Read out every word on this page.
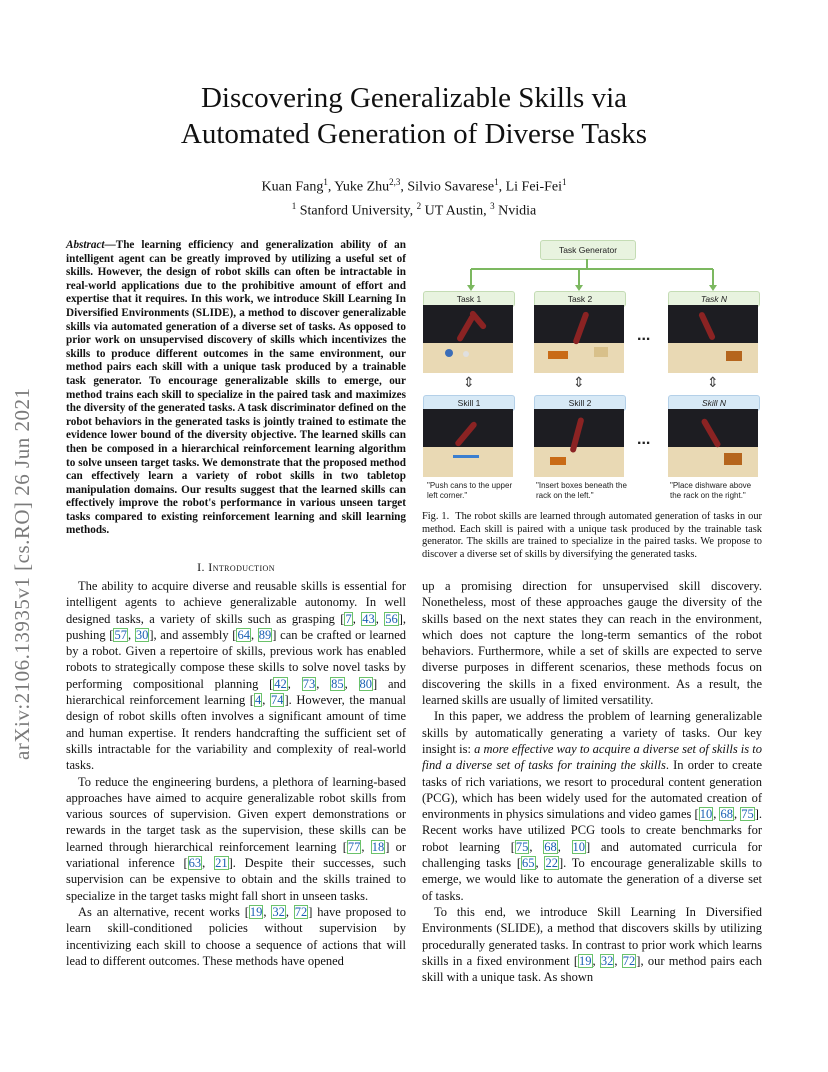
arXiv:2106.13935v1 [cs.RO] 26 Jun 2021
Discovering Generalizable Skills via
Automated Generation of Diverse Tasks
Kuan Fang$^1$, Yuke Zhu$^{2,3}$, Silvio Savarese$^1$, Li Fei-Fei$^1$
$^1$ Stanford University, $^2$ UT Austin, $^3$ Nvidia
Abstract—The learning efficiency and generalization ability of an intelligent agent can be greatly improved by utilizing a useful set of skills. However, the design of robot skills can often be intractable in real-world applications due to the prohibitive amount of effort and expertise that it requires. In this work, we introduce Skill Learning In Diversified Environments (SLIDE), a method to discover generalizable skills via automated generation of a diverse set of tasks. As opposed to prior work on unsupervised discovery of skills which incentivizes the skills to produce different outcomes in the same environment, our method pairs each skill with a unique task produced by a trainable task generator. To encourage generalizable skills to emerge, our method trains each skill to specialize in the paired task and maximizes the diversity of the generated tasks. A task discriminator defined on the robot behaviors in the generated tasks is jointly trained to estimate the evidence lower bound of the diversity objective. The learned skills can then be composed in a hierarchical reinforcement learning algorithm to solve unseen target tasks. We demonstrate that the proposed method can effectively learn a variety of robot skills in two tabletop manipulation domains. Our results suggest that the learned skills can effectively improve the robot's performance in various unseen target tasks compared to existing reinforcement learning and skill learning methods.
I. Introduction

The ability to acquire diverse and reusable skills is essential for intelligent agents to achieve generalizable autonomy. In well designed tasks, a variety of skills such as grasping [7, 43, 56], pushing [57, 30], and assembly [64, 89] can be crafted or learned by a robot. Given a repertoire of skills, previous work has enabled robots to strategically compose these skills to solve novel tasks by performing compositional planning [42, 73, 85, 80] and hierarchical reinforcement learning [4, 74]. However, the manual design of robot skills often involves a significant amount of time and human expertise. It renders handcrafting the sufficient set of skills intractable for the variability and complexity of real-world tasks.

To reduce the engineering burdens, a plethora of learning-based approaches have aimed to acquire generalizable robot skills from various sources of supervision. Given expert demonstrations or rewards in the target task as the supervision, these skills can be learned through hierarchical reinforcement learning [77, 18] or variational inference [63, 21]. Despite their successes, such supervision can be expensive to obtain and the skills trained to specialize in the target tasks might fall short in unseen tasks.

As an alternative, recent works [19, 32, 72] have proposed to learn skill-conditioned policies without supervision by incentivizing each skill to choose a sequence of actions that will lead to different outcomes. These methods have opened

Task Generator
Task 1	Task 2	Task N
...
⇕	⇕	⇕
Skill 1	Skill 2	Skill N
...
"Push cans to the upper left corner."
"Insert boxes beneath the rack on the left."
"Place dishware above the rack on the right."
Fig. 1. The robot skills are learned through automated generation of tasks in our method. Each skill is paired with a unique task produced by the trainable task generator. The skills are trained to specialize in the paired tasks. We propose to discover a diverse set of skills by diversifying the generated tasks.

up a promising direction for unsupervised skill discovery. Nonetheless, most of these approaches gauge the diversity of the skills based on the next states they can reach in the environment, which does not capture the long-term semantics of the robot behaviors. Furthermore, while a set of skills are expected to serve diverse purposes in different scenarios, these methods focus on discovering the skills in a fixed environment. As a result, the learned skills are usually of limited versatility.

In this paper, we address the problem of learning generalizable skills by automatically generating a variety of tasks. Our key insight is: a more effective way to acquire a diverse set of skills is to find a diverse set of tasks for training the skills. In order to create tasks of rich variations, we resort to procedural content generation (PCG), which has been widely used for the automated creation of environments in physics simulations and video games [10, 68, 75]. Recent works have utilized PCG tools to create benchmarks for robot learning [75, 68, 10] and automated curricula for challenging tasks [65, 22]. To encourage generalizable skills to emerge, we would like to automate the generation of a diverse set of tasks.

To this end, we introduce Skill Learning In Diversified Environments (SLIDE), a method that discovers skills by utilizing procedurally generated tasks. In contrast to prior work which learns skills in a fixed environment [19, 32, 72], our method pairs each skill with a unique task. As shown
